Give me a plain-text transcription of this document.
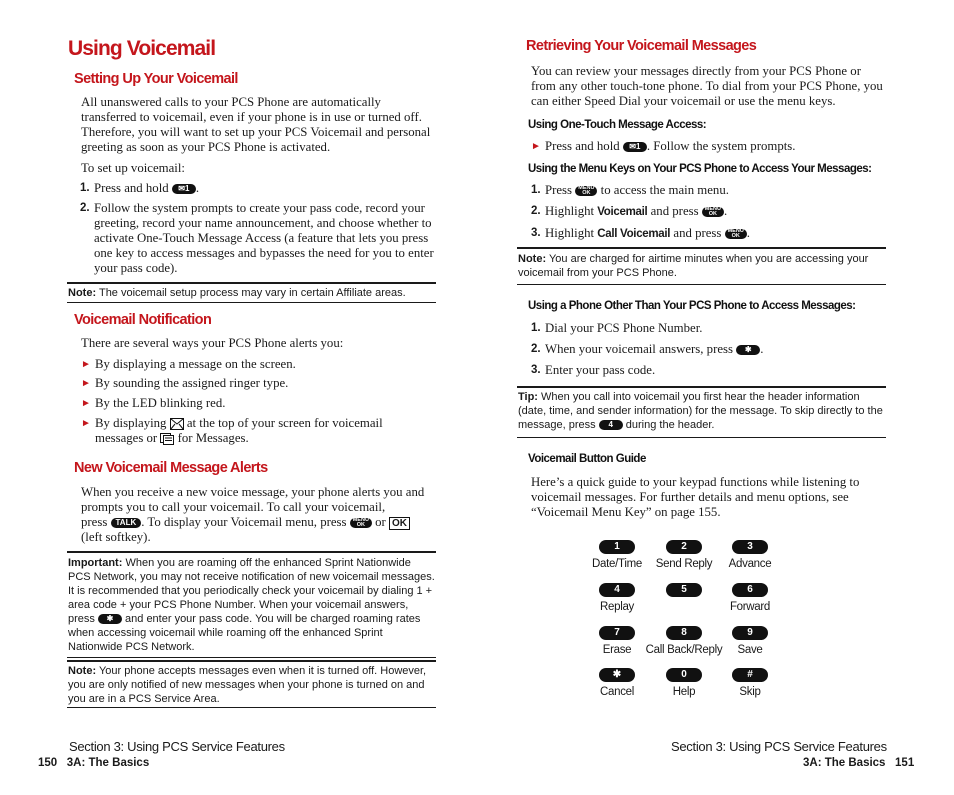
Using Voicemail
Setting Up Your Voicemail
All unanswered calls to your PCS Phone are automatically transferred to voicemail, even if your phone is in use or turned off. Therefore, you will want to set up your PCS Voicemail and personal greeting as soon as your PCS Phone is activated.
To set up voicemail:
1. Press and hold ✉1 .
2. Follow the system prompts to create your pass code, record your greeting, record your name announcement, and choose whether to activate One-Touch Message Access (a feature that lets you press one key to access messages and bypasses the need for you to enter your pass code).
Note: The voicemail setup process may vary in certain Affiliate areas.
Voicemail Notification
There are several ways your PCS Phone alerts you:
► By displaying a message on the screen.
► By sounding the assigned ringer type.
► By the LED blinking red.
► By displaying at the top of your screen for voicemail
messages or for Messages.
New Voicemail Message Alerts
When you receive a new voice message, your phone alerts you and prompts you to call your voicemail. To call your voicemail,
press TALK . To display your Voicemail menu, press MENU
OK or OK
(left softkey).
Important: When you are roaming off the enhanced Sprint Nationwide PCS Network, you may not receive notification of new voicemail messages. It is recommended that you periodically check your voicemail by dialing 1 + area code + your PCS Phone Number. When your voicemail answers, press ✱ and enter your pass code. You will be charged roaming rates when accessing voicemail while roaming off the enhanced Sprint Nationwide PCS Network.
Note: Your phone accepts messages even when it is turned off. However, you are only notified of new messages when your phone is turned on and you are in a PCS Service Area.
Section 3: Using PCS Service Features
150   3A: The Basics
Retrieving Your Voicemail Messages
You can review your messages directly from your PCS Phone or from any other touch-tone phone. To dial from your PCS Phone, you can either Speed Dial your voicemail or use the menu keys.
Using One-Touch Message Access:
► Press and hold ✉1 . Follow the system prompts.
Using the Menu Keys on Your PCS Phone to Access Your Messages:
1. Press MENU
OK to access the main menu.
2. Highlight Voicemail and press MENU
OK .
3. Highlight Call Voicemail and press MENU
OK .
Note: You are charged for airtime minutes when you are accessing your voicemail from your PCS Phone.
Using a Phone Other Than Your PCS Phone to Access Messages:
1. Dial your PCS Phone Number.
2. When your voicemail answers, press ✱ .
3. Enter your pass code.
Tip: When you call into voicemail you first hear the header information (date, time, and sender information) for the message. To skip directly to the message, press 4 during the header.
Voicemail Button Guide
Here’s a quick guide to your keypad functions while listening to voicemail messages. For further details and menu options, see “Voicemail Menu Key” on page 155.
1
Date/Time
2
Send Reply
3
Advance
4
Replay
5	6
Forward
7
Erase
8
Call Back/Reply
9
Save
✱
Cancel
0
Help
#
Skip
Section 3: Using PCS Service Features
3A: The Basics   151
